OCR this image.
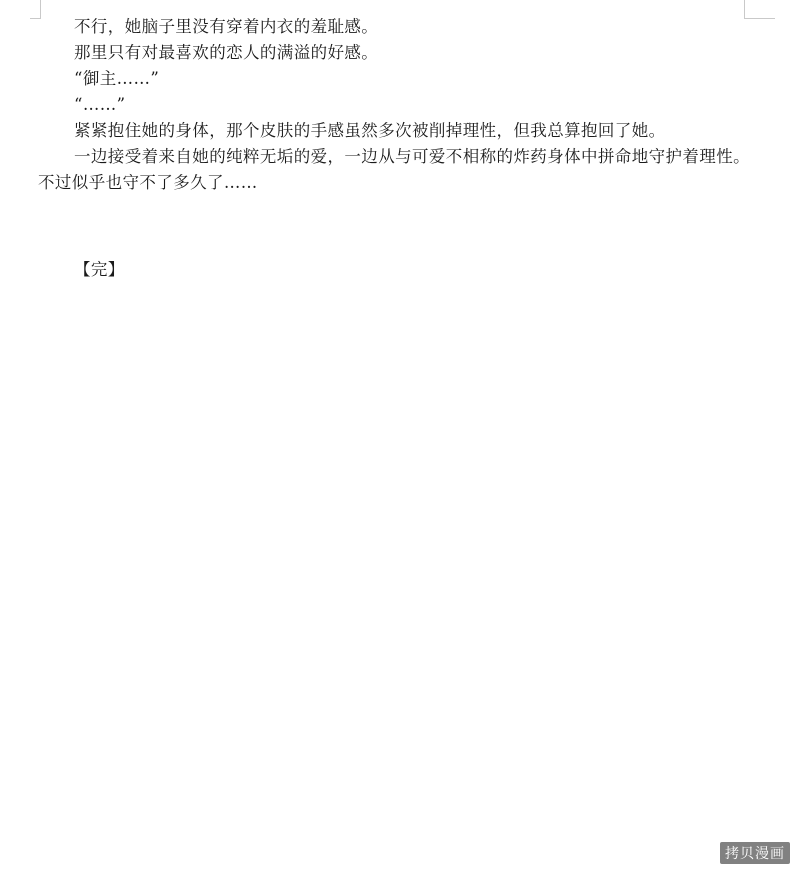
不行，她脑子里没有穿着内衣的羞耻感。

那里只有对最喜欢的恋人的满溢的好感。

“御主……”

“……”

紧紧抱住她的身体，那个皮肤的手感虽然多次被削掉理性，但我总算抱回了她。

一边接受着来自她的纯粹无垢的爱，一边从与可爱不相称的炸药身体中拼命地守护着理性。不过似乎也守不了多久了……

【完】
拷贝漫画
